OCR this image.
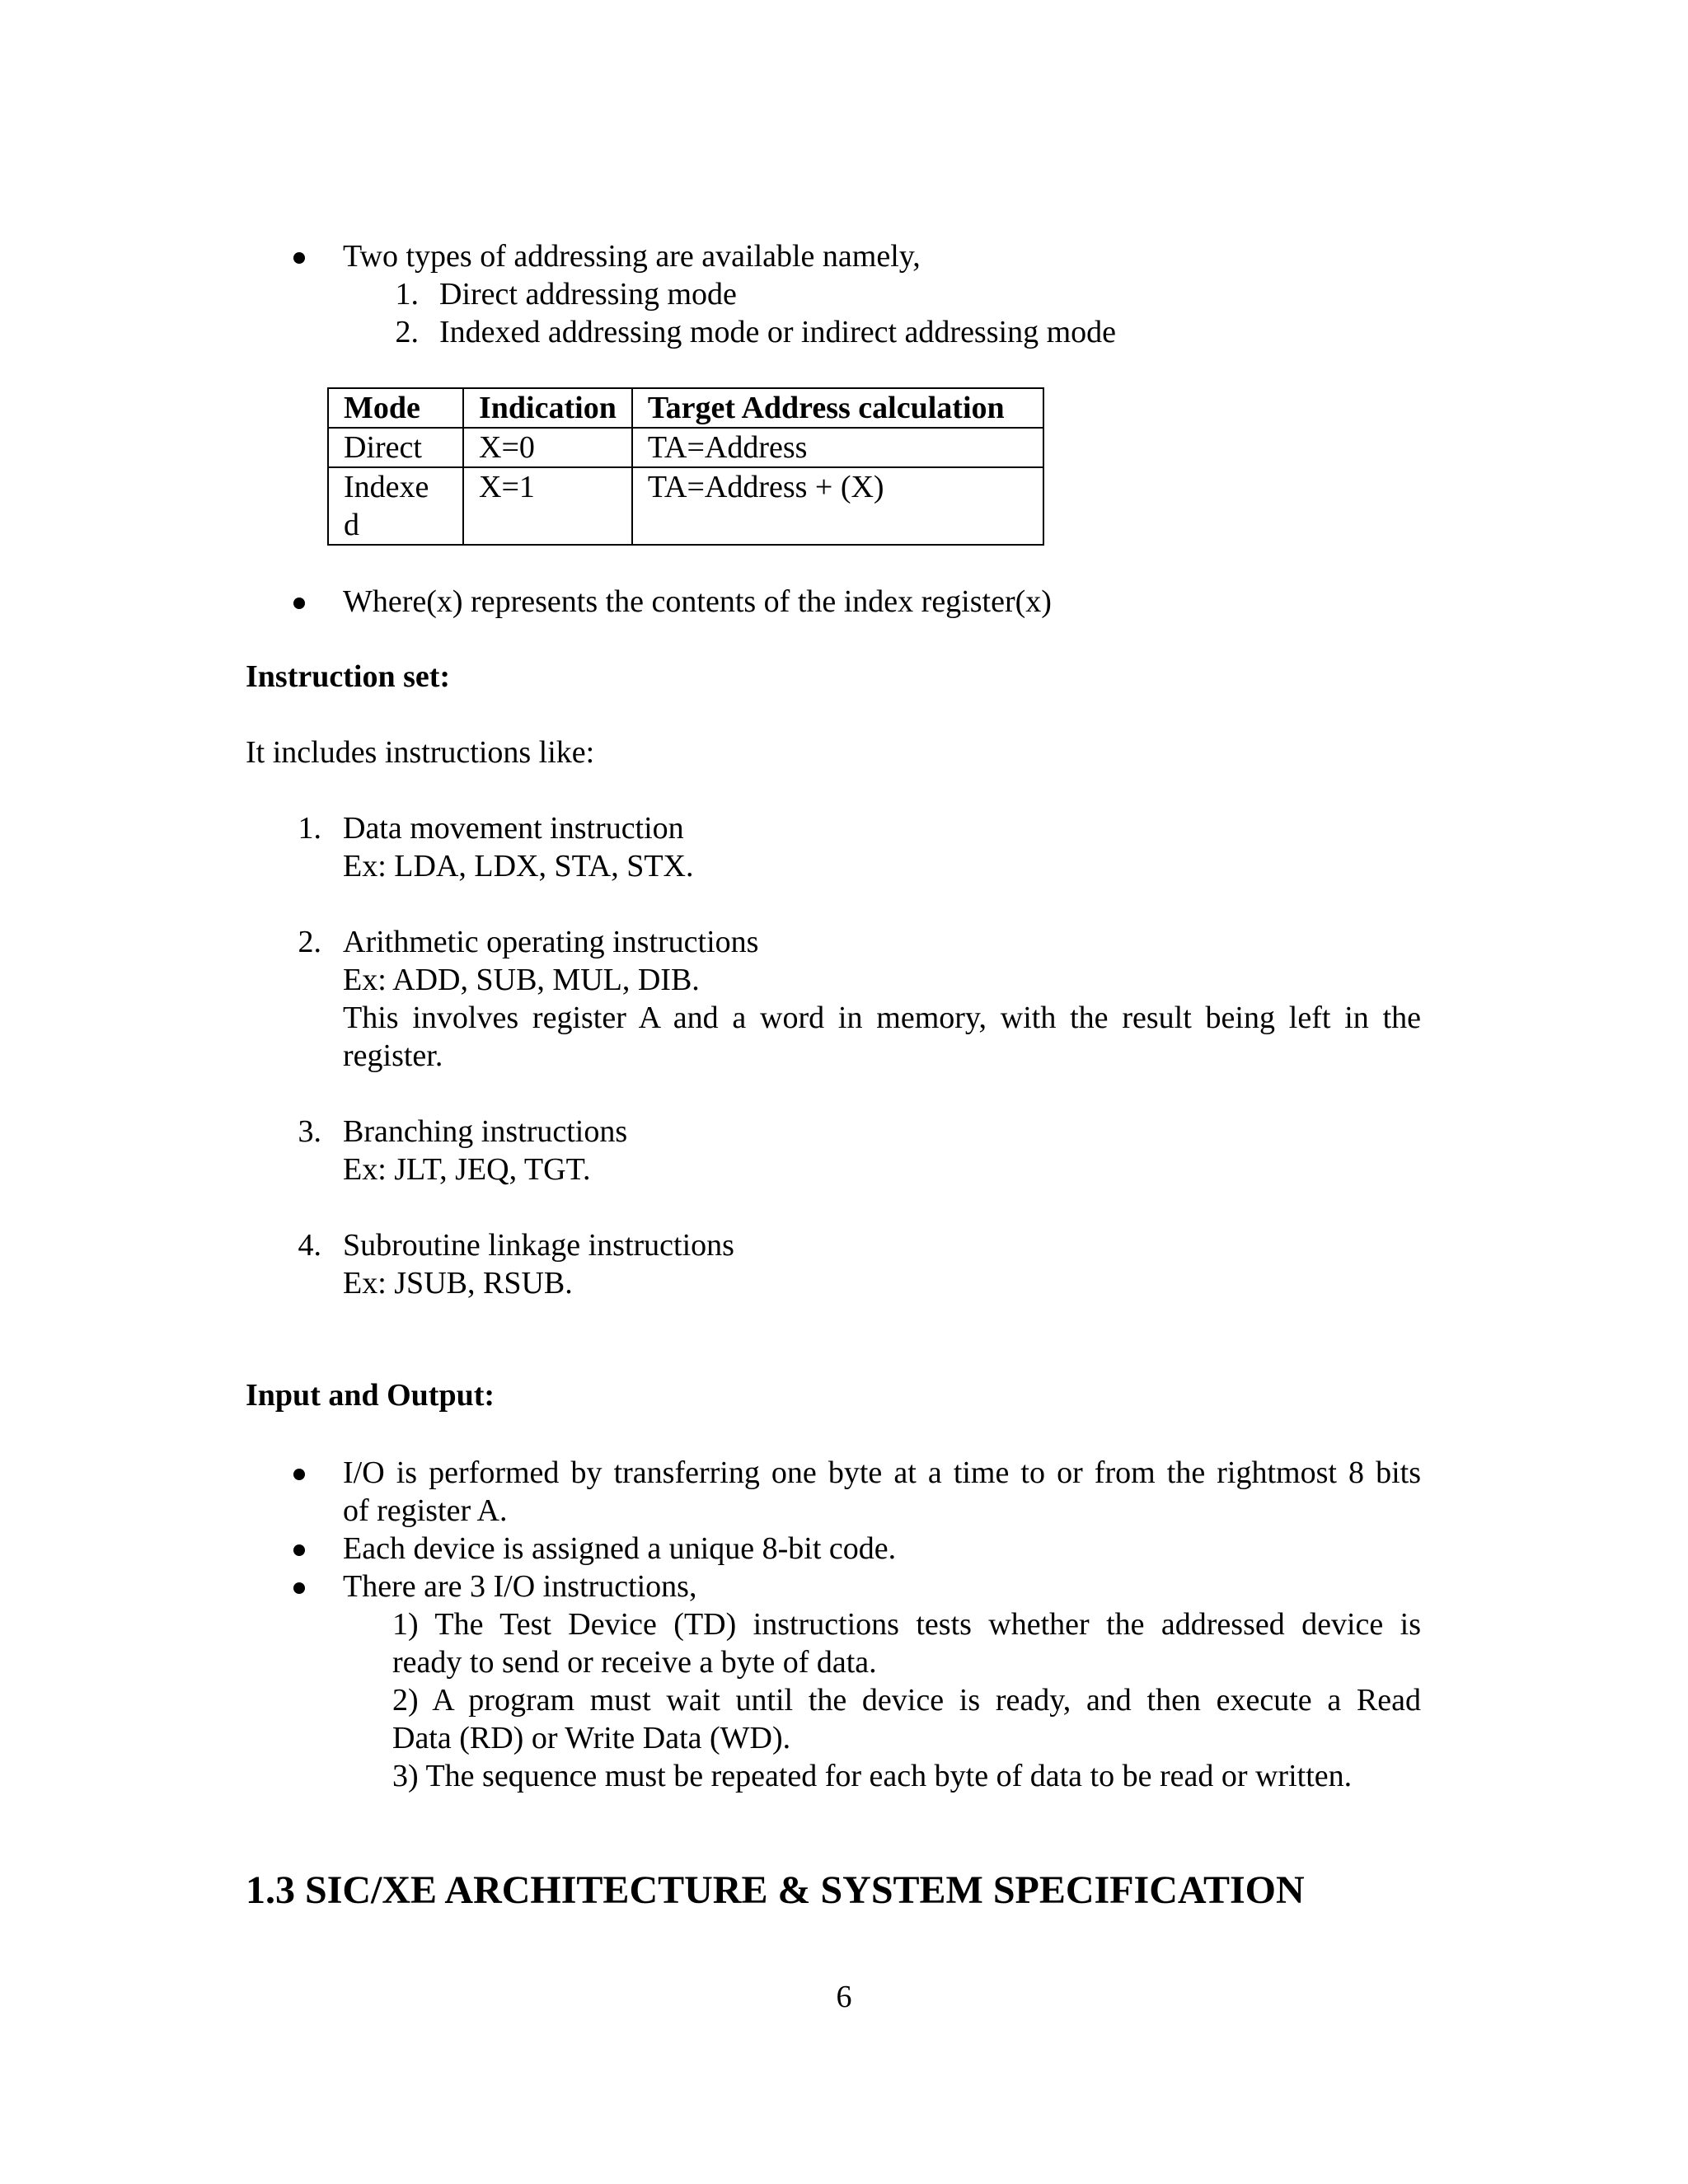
Two types of addressing are available namely,
1. Direct addressing mode
2. Indexed addressing mode or indirect addressing mode
Mode	Indication	Target Address calculation
Direct	X=0	TA=Address
Indexe d	X=1	TA=Address + (X)
Where(x) represents the contents of the index register(x)
Instruction set:
It includes instructions like:
1. Data movement instruction
Ex: LDA, LDX, STA, STX.
2. Arithmetic operating instructions
Ex: ADD, SUB, MUL, DIB.
This involves register A and a word in memory, with the result being left in the
register.
3. Branching instructions
Ex: JLT, JEQ, TGT.
4. Subroutine linkage instructions
Ex: JSUB, RSUB.
Input and Output:
I/O is performed by transferring one byte at a time to or from the rightmost 8 bits
of register A.
Each device is assigned a unique 8-bit code.
There are 3 I/O instructions,
1) The Test Device (TD) instructions tests whether the addressed device is
ready to send or receive a byte of data.
2) A program must wait until the device is ready, and then execute a Read
Data (RD) or Write Data (WD).
3) The sequence must be repeated for each byte of data to be read or written.
1.3 SIC/XE ARCHITECTURE & SYSTEM SPECIFICATION
6
